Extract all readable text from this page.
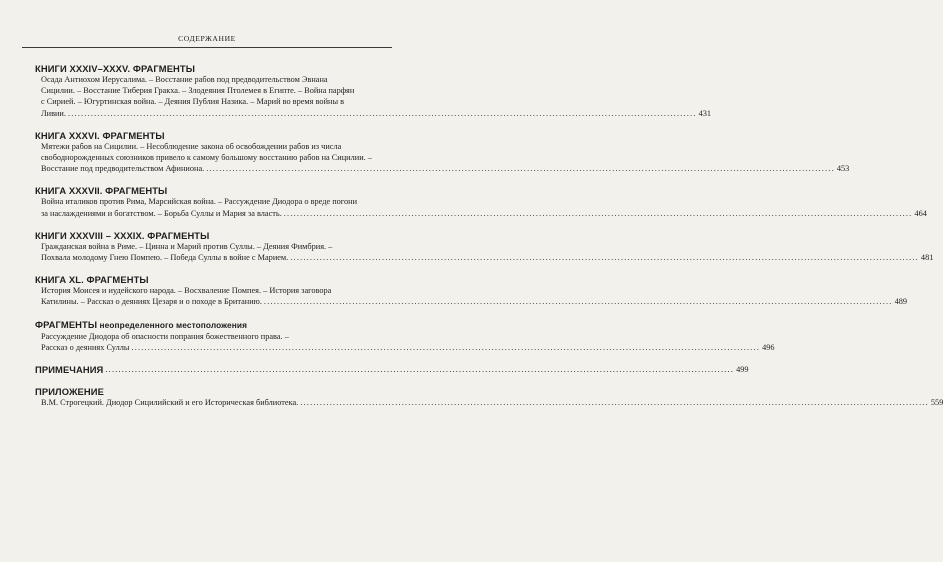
СОДЕРЖАНИЕ
КНИГИ XXXIV–XXXV. ФРАГМЕНТЫ
Осада Антиохом Иерусалима. – Восстание рабов под предводительством Эвнана
Сицилии. – Восстание Тиберия Гракха. – Злодеяния Птолемея в Египте. – Война парфян
с Сирией. – Югуртинская война. – Деяния Публия Назика. – Марий во время войны в
Ливии. .....	431
КНИГА XXXVI. ФРАГМЕНТЫ
Мятежи рабов на Сицилии. – Несоблюдение закона об освобождении рабов из числа
свободнорожденных союзников привело к самому большому восстанию рабов на Сицилии. –
Восстание под предводительством Афиниона. .....	453
КНИГА XXXVII. ФРАГМЕНТЫ
Война италиков против Рима, Марсийская война. – Рассуждение Диодора о вреде погони
за наслаждениями и богатством. – Борьба Суллы и Мария за власть. .....	464
КНИГИ XXXVIII – XXXIX. ФРАГМЕНТЫ
Гражданская война в Риме. – Цинна и Марий против Суллы. – Деяния Фимбрия. –
Похвала молодому Гнею Помпею. – Победа Суллы в войне с Марием. .....	481
КНИГА XL. ФРАГМЕНТЫ
История Моисея и иудейского народа. – Восхваление Помпея. – История заговора
Катилины. – Рассказ о деяниях Цезаря и о походе в Британию. .....	489
ФРАГМЕНТЫ неопределенного местоположения
Рассуждение Диодора об опасности попрания божественного права. –
Рассказ о деяниях Суллы .....	496
ПРИМЕЧАНИЯ .....	499
ПРИЛОЖЕНИЕ
В.М. Строгецкий. Диодор Сицилийский и его Историческая библиотека. .....	559
